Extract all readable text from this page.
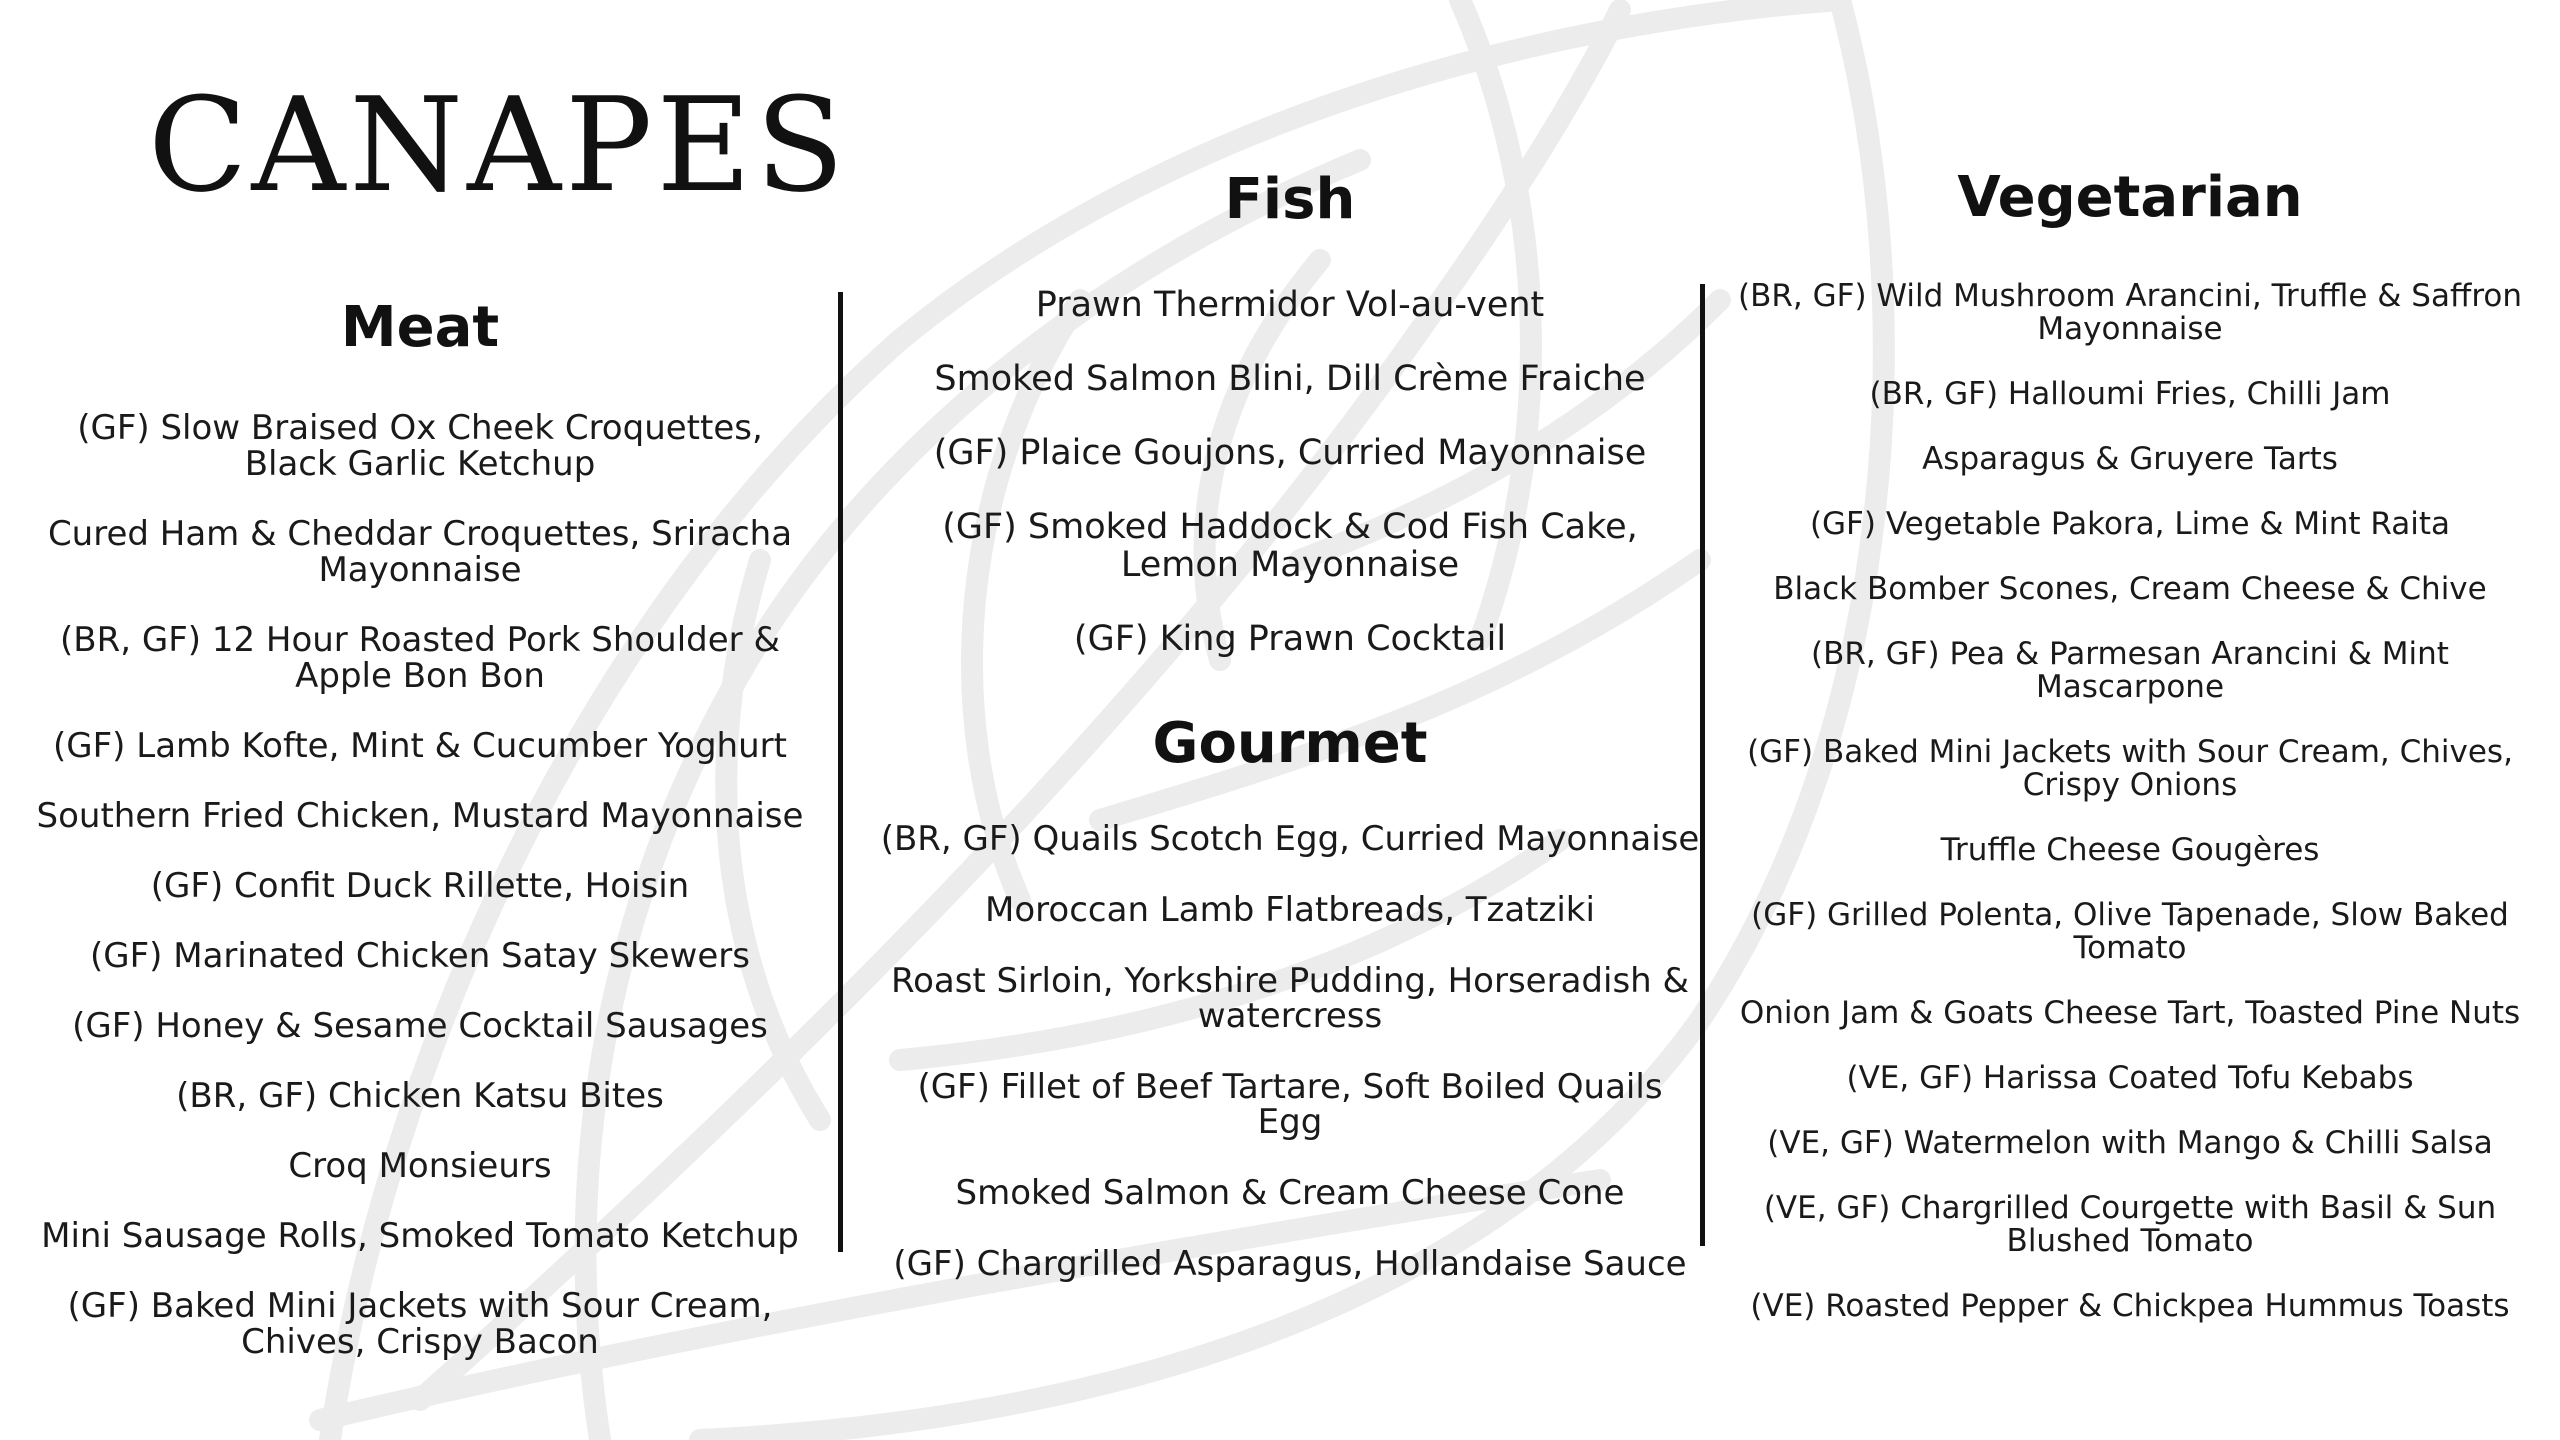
CANAPES
Meat
(GF) Slow Braised Ox Cheek Croquettes, Black Garlic Ketchup
Cured Ham & Cheddar Croquettes, Sriracha Mayonnaise
(BR, GF) 12 Hour Roasted Pork Shoulder & Apple Bon Bon
(GF) Lamb Kofte, Mint & Cucumber Yoghurt
Southern Fried Chicken, Mustard Mayonnaise
(GF) Confit Duck Rillette, Hoisin
(GF) Marinated Chicken Satay Skewers
(GF) Honey & Sesame Cocktail Sausages
(BR, GF) Chicken Katsu Bites
Croq Monsieurs
Mini Sausage Rolls, Smoked Tomato Ketchup
(GF) Baked Mini Jackets with Sour Cream, Chives, Crispy Bacon
Fish
Prawn Thermidor Vol-au-vent
Smoked Salmon Blini, Dill Crème Fraiche
(GF) Plaice Goujons, Curried Mayonnaise
(GF) Smoked Haddock & Cod Fish Cake, Lemon Mayonnaise
(GF) King Prawn Cocktail
Gourmet
(BR, GF) Quails Scotch Egg, Curried Mayonnaise
Moroccan Lamb Flatbreads, Tzatziki
Roast Sirloin, Yorkshire Pudding, Horseradish & watercress
(GF) Fillet of Beef Tartare, Soft Boiled Quails Egg
Smoked Salmon & Cream Cheese Cone
(GF) Chargrilled Asparagus, Hollandaise Sauce
Vegetarian
(BR, GF) Wild Mushroom Arancini, Truffle & Saffron Mayonnaise
(BR, GF) Halloumi Fries, Chilli Jam
Asparagus & Gruyere Tarts
(GF) Vegetable Pakora, Lime & Mint Raita
Black Bomber Scones, Cream Cheese & Chive
(BR, GF) Pea & Parmesan Arancini & Mint Mascarpone
(GF) Baked Mini Jackets with Sour Cream, Chives, Crispy Onions
Truffle Cheese Gougères
(GF) Grilled Polenta, Olive Tapenade, Slow Baked Tomato
Onion Jam & Goats Cheese Tart, Toasted Pine Nuts
(VE, GF) Harissa Coated Tofu Kebabs
(VE, GF) Watermelon with Mango & Chilli Salsa
(VE, GF) Chargrilled Courgette with Basil & Sun Blushed Tomato
(VE) Roasted Pepper & Chickpea Hummus Toasts
